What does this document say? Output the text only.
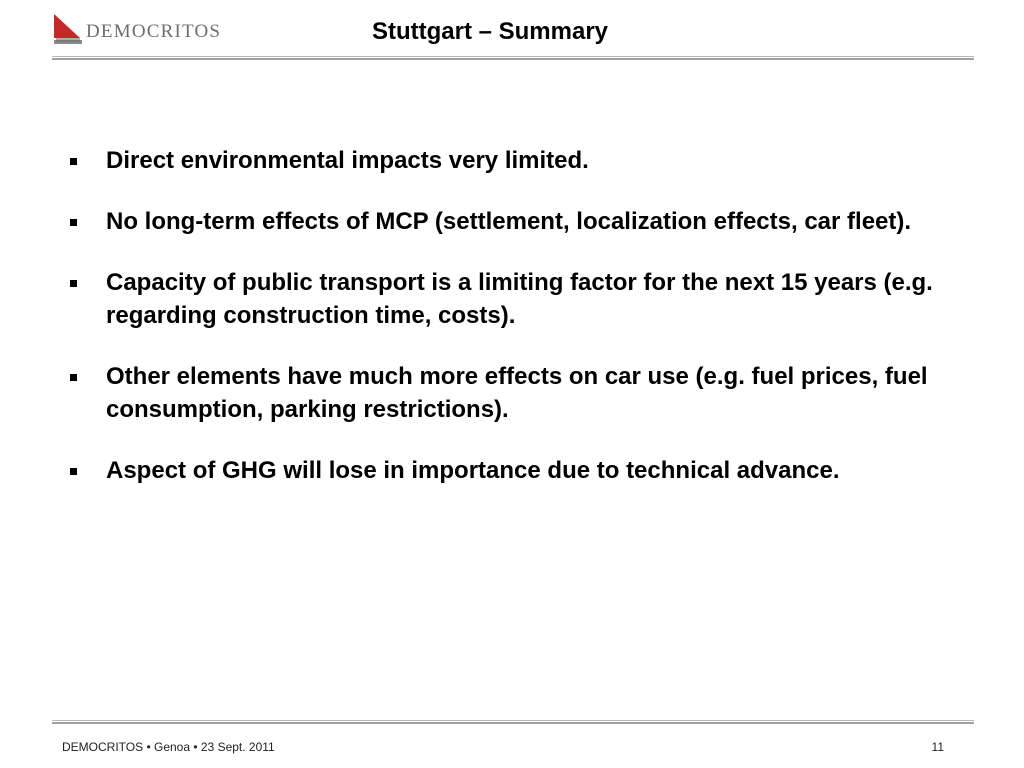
DEMOCRITOS	Stuttgart – Summary
Direct environmental impacts very limited.
No long-term effects of MCP (settlement, localization effects, car fleet).
Capacity of public transport is a limiting factor for the next 15 years (e.g. regarding construction time, costs).
Other elements have much more effects on car use (e.g. fuel prices, fuel consumption, parking restrictions).
Aspect of GHG will lose in importance due to technical advance.
DEMOCRITOS • Genoa • 23 Sept. 2011	11
